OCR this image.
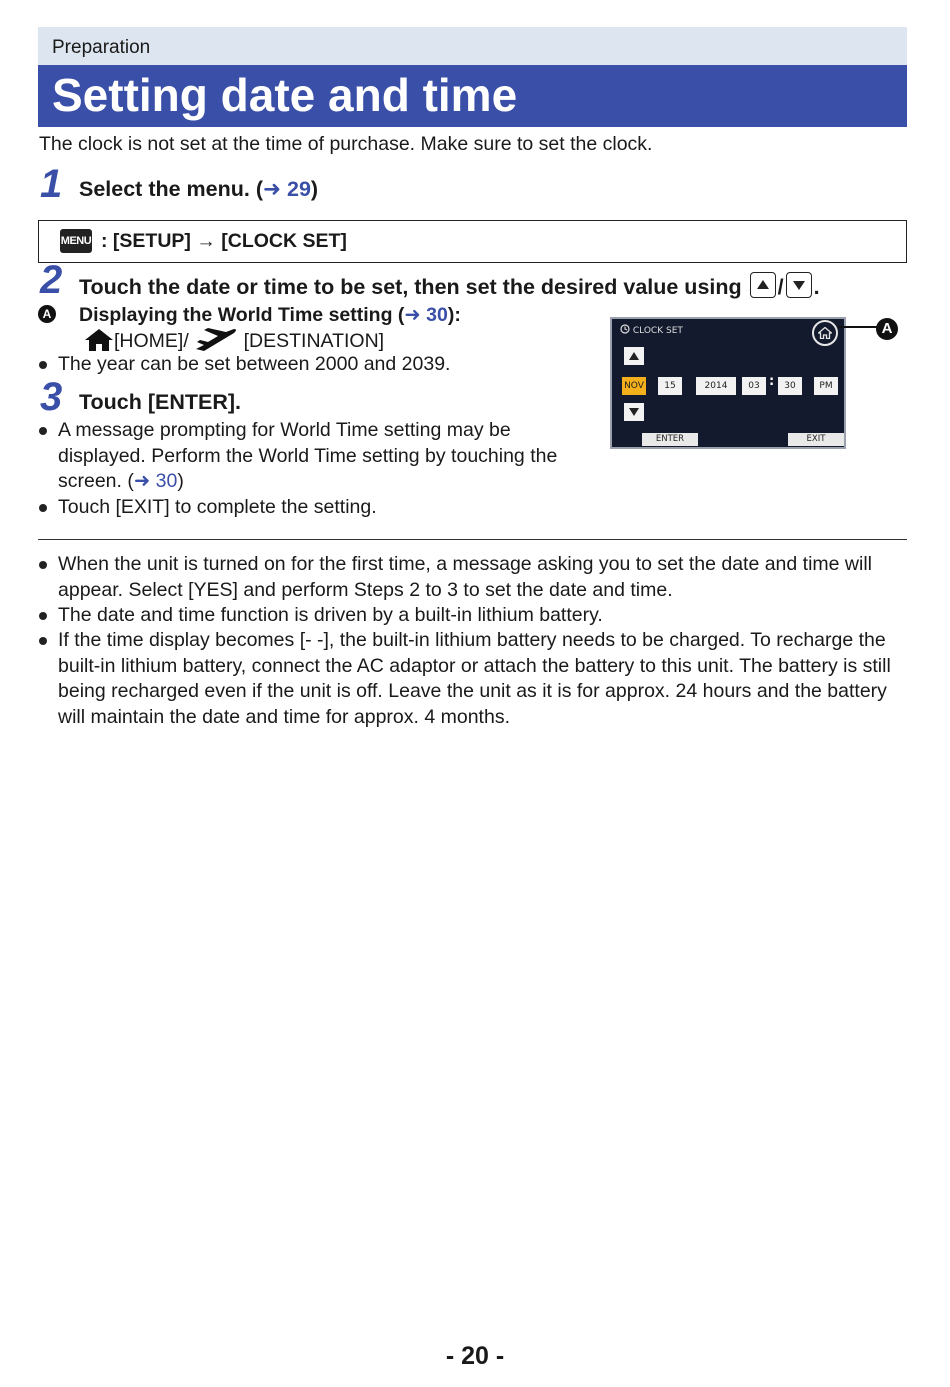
Preparation
Setting date and time
The clock is not set at the time of purchase. Make sure to set the clock.
1 Select the menu. (➜ 29)
MENU : [SETUP] → [CLOCK SET]
2 Touch the date or time to be set, then set the desired value using / .
A Displaying the World Time setting (➜ 30):
[HOME]/	[DESTINATION]
The year can be set between 2000 and 2039.
3 Touch [ENTER].
A message prompting for World Time setting may be
displayed. Perform the World Time setting by touching the
screen. (➜ 30)
Touch [EXIT] to complete the setting.
CLOCK SET
NOV	15	2014	03 :	30	PM
ENTER	EXIT
A
When the unit is turned on for the first time, a message asking you to set the date and time will
appear. Select [YES] and perform Steps 2 to 3 to set the date and time.
The date and time function is driven by a built-in lithium battery.
If the time display becomes [- -], the built-in lithium battery needs to be charged. To recharge the
built-in lithium battery, connect the AC adaptor or attach the battery to this unit. The battery is still
being recharged even if the unit is off. Leave the unit as it is for approx. 24 hours and the battery
will maintain the date and time for approx. 4 months.
- 20 -
